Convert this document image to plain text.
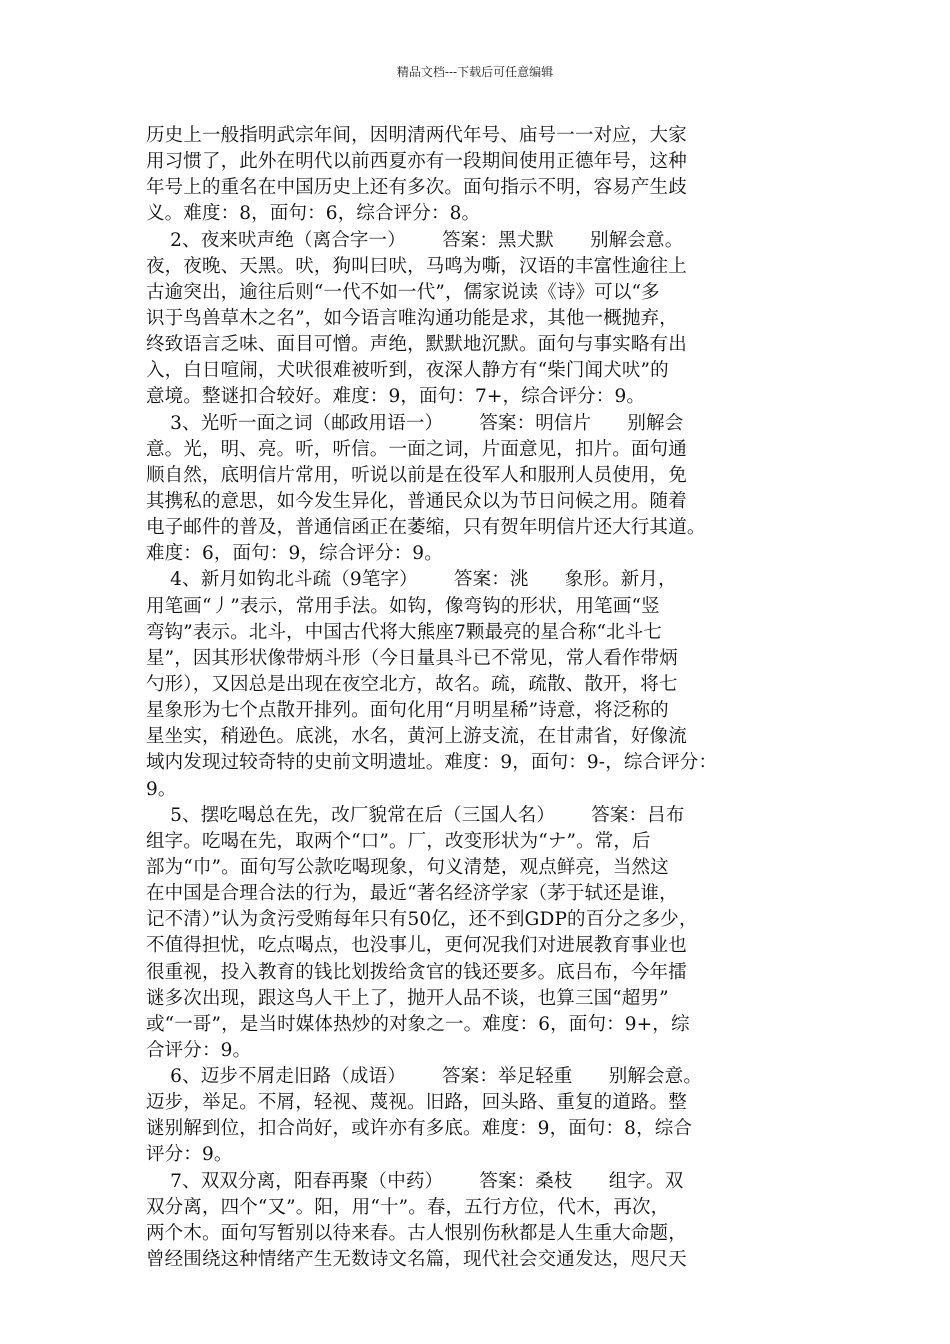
精品文档---下载后可任意编辑
历史上一般指明武宗年间，因明清两代年号、庙号一一对应，大家
用习惯了，此外在明代以前西夏亦有一段期间使用正德年号，这种
年号上的重名在中国历史上还有多次。面句指示不明，容易产生歧
义。难度：8，面句：6，综合评分：8。
2、夜来吠声绝（离合字一）      答案：黑犬默      别解会意。
夜，夜晚、天黑。吠，狗叫曰吠，马鸣为嘶，汉语的丰富性逾往上
古逾突出，逾往后则“一代不如一代”，儒家说读《诗》可以“多
识于鸟兽草木之名”，如今语言唯沟通功能是求，其他一概抛弃，
终致语言乏味、面目可憎。声绝，默默地沉默。面句与事实略有出
入，白日喧闹，犬吠很难被听到，夜深人静方有“柴门闻犬吠”的
意境。整谜扣合较好。难度：9，面句：7+，综合评分：9。
3、光听一面之词（邮政用语一）      答案：明信片      别解会
意。光，明、亮。听，听信。一面之词，片面意见，扣片。面句通
顺自然，底明信片常用，听说以前是在役军人和服刑人员使用，免
其携私的意思，如今发生异化，普通民众以为节日问候之用。随着
电子邮件的普及，普通信函正在萎缩，只有贺年明信片还大行其道。
难度：6，面句：9，综合评分：9。
4、新月如钩北斗疏（9笔字）      答案：洮      象形。新月，
用笔画“丿”表示，常用手法。如钩，像弯钩的形状，用笔画“竖
弯钩”表示。北斗，中国古代将大熊座7颗最亮的星合称“北斗七
星”，因其形状像带炳斗形（今日量具斗已不常见，常人看作带炳
勺形），又因总是出现在夜空北方，故名。疏，疏散、散开，将七
星象形为七个点散开排列。面句化用“月明星稀”诗意，将泛称的
星坐实，稍逊色。底洮，水名，黄河上游支流，在甘肃省，好像流
域内发现过较奇特的史前文明遗址。难度：9，面句：9-，综合评分：
9。
5、摆吃喝总在先，改厂貌常在后（三国人名）      答案：吕布
组字。吃喝在先，取两个“口”。厂，改变形状为“ナ”。常，后
部为“巾”。面句写公款吃喝现象，句义清楚，观点鲜亮，当然这
在中国是合理合法的行为，最近“著名经济学家（茅于轼还是谁，
记不清）”认为贪污受贿每年只有50亿，还不到GDP的百分之多少，
不值得担忧，吃点喝点，也没事儿，更何况我们对进展教育事业也
很重视，投入教育的钱比划拨给贪官的钱还要多。底吕布，今年擂
谜多次出现，跟这鸟人干上了，抛开人品不谈，也算三国“超男”
或“一哥”，是当时媒体热炒的对象之一。难度：6，面句：9+，综
合评分：9。
6、迈步不屑走旧路（成语）      答案：举足轻重      别解会意。
迈步，举足。不屑，轻视、蔑视。旧路，回头路、重复的道路。整
谜别解到位，扣合尚好，或许亦有多底。难度：9，面句：8，综合
评分：9。
7、双双分离，阳春再聚（中药）      答案：桑枝      组字。双
双分离，四个“又”。阳，用“十”。春，五行方位，代木，再次，
两个木。面句写暂别以待来春。古人恨别伤秋都是人生重大命题，
曾经围绕这种情绪产生无数诗文名篇，现代社会交通发达，咫尺天
